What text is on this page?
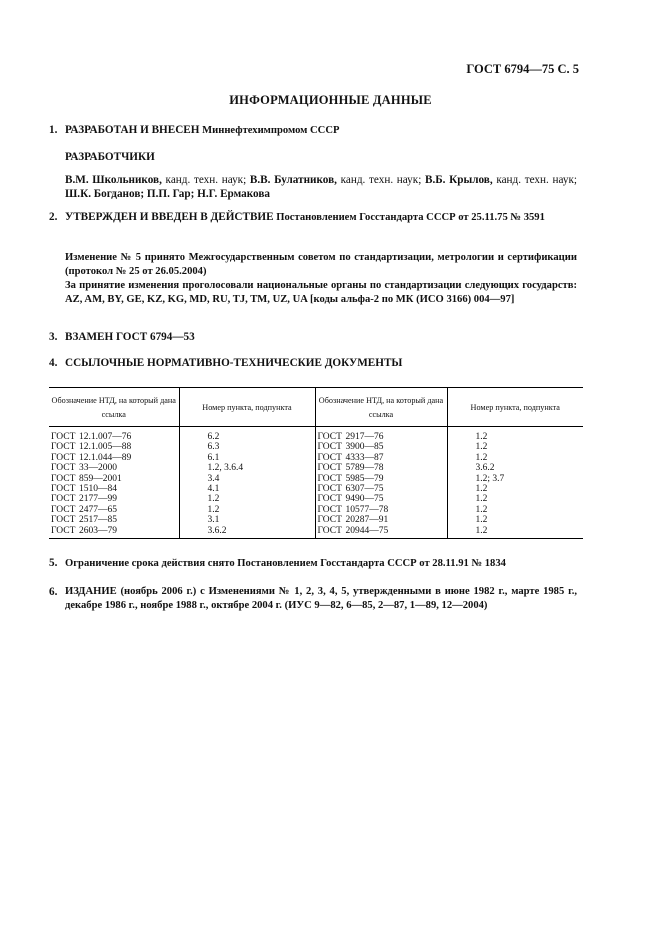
ГОСТ 6794—75 С. 5
ИНФОРМАЦИОННЫЕ ДАННЫЕ
1. РАЗРАБОТАН И ВНЕСЕН Миннефтехимпромом СССР
РАЗРАБОТЧИКИ
В.М. Школьников, канд. техн. наук; В.В. Булатников, канд. техн. наук; В.Б. Крылов, канд. техн. наук; Ш.К. Богданов; П.П. Гар; Н.Г. Ермакова
2. УТВЕРЖДЕН И ВВЕДЕН В ДЕЙСТВИЕ Постановлением Госстандарта СССР от 25.11.75 № 3591
Изменение № 5 принято Межгосударственным советом по стандартизации, метрологии и сертификации (протокол № 25 от 26.05.2004)
За принятие изменения проголосовали национальные органы по стандартизации следующих государств: AZ, AM, BY, GE, KZ, KG, MD, RU, TJ, TM, UZ, UA [коды альфа-2 по МК (ИСО 3166) 004—97]
3. ВЗАМЕН ГОСТ 6794—53
4. ССЫЛОЧНЫЕ НОРМАТИВНО-ТЕХНИЧЕСКИЕ ДОКУМЕНТЫ
Обозначение НТД, на который дана ссылка	Номер пункта, подпункта	Обозначение НТД, на который дана ссылка	Номер пункта, подпункта
ГОСТ 12.1.007—76	6.2	ГОСТ 2917—76	1.2
ГОСТ 12.1.005—88	6.3	ГОСТ 3900—85	1.2
ГОСТ 12.1.044—89	6.1	ГОСТ 4333—87	1.2
ГОСТ 33—2000	1.2, 3.6.4	ГОСТ 5789—78	3.6.2
ГОСТ 859—2001	3.4	ГОСТ 5985—79	1.2; 3.7
ГОСТ 1510—84	4.1	ГОСТ 6307—75	1.2
ГОСТ 2177—99	1.2	ГОСТ 9490—75	1.2
ГОСТ 2477—65	1.2	ГОСТ 10577—78	1.2
ГОСТ 2517—85	3.1	ГОСТ 20287—91	1.2
ГОСТ 2603—79	3.6.2	ГОСТ 20944—75	1.2
5. Ограничение срока действия снято Постановлением Госстандарта СССР от 28.11.91 № 1834
6. ИЗДАНИЕ (ноябрь 2006 г.) с Изменениями № 1, 2, 3, 4, 5, утвержденными в июне 1982 г., марте 1985 г., декабре 1986 г., ноябре 1988 г., октябре 2004 г. (ИУС 9—82, 6—85, 2—87, 1—89, 12—2004)
